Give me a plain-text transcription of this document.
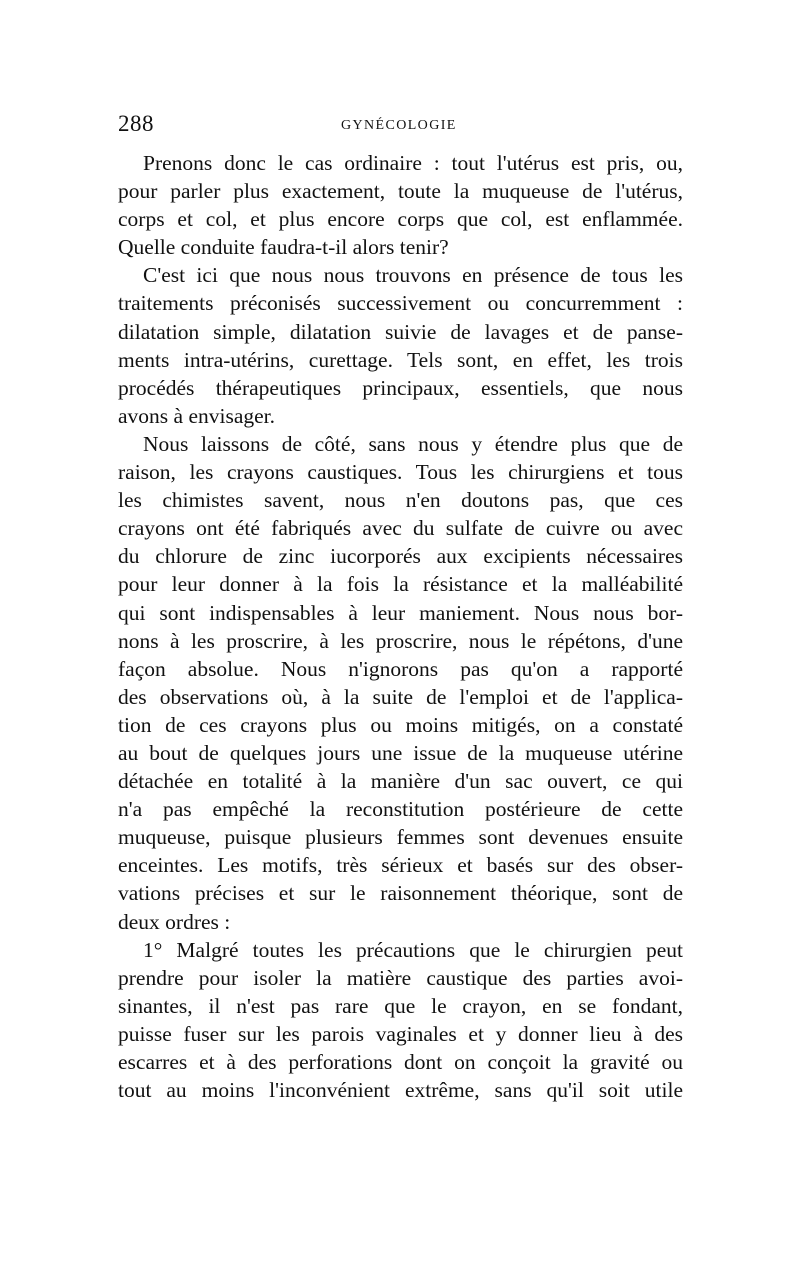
288	GYNÉCOLOGIE
Prenons donc le cas ordinaire : tout l'utérus est pris, ou,
pour parler plus exactement, toute la muqueuse de l'utérus,
corps et col, et plus encore corps que col, est enflammée.
Quelle conduite faudra-t-il alors tenir?
C'est ici que nous nous trouvons en présence de tous les
traitements préconisés successivement ou concurremment :
dilatation simple, dilatation suivie de lavages et de panse-
ments intra-utérins, curettage. Tels sont, en effet, les trois
procédés thérapeutiques principaux, essentiels, que nous
avons à envisager.
Nous laissons de côté, sans nous y étendre plus que de
raison, les crayons caustiques. Tous les chirurgiens et tous
les chimistes savent, nous n'en doutons pas, que ces
crayons ont été fabriqués avec du sulfate de cuivre ou avec
du chlorure de zinc iucorporés aux excipients nécessaires
pour leur donner à la fois la résistance et la malléabilité
qui sont indispensables à leur maniement. Nous nous bor-
nons à les proscrire, à les proscrire, nous le répétons, d'une
façon absolue. Nous n'ignorons pas qu'on a rapporté
des observations où, à la suite de l'emploi et de l'applica-
tion de ces crayons plus ou moins mitigés, on a constaté
au bout de quelques jours une issue de la muqueuse utérine
détachée en totalité à la manière d'un sac ouvert, ce qui
n'a pas empêché la reconstitution postérieure de cette
muqueuse, puisque plusieurs femmes sont devenues ensuite
enceintes. Les motifs, très sérieux et basés sur des obser-
vations précises et sur le raisonnement théorique, sont de
deux ordres :
1° Malgré toutes les précautions que le chirurgien peut
prendre pour isoler la matière caustique des parties avoi-
sinantes, il n'est pas rare que le crayon, en se fondant,
puisse fuser sur les parois vaginales et y donner lieu à des
escarres et à des perforations dont on conçoit la gravité ou
tout au moins l'inconvénient extrême, sans qu'il soit utile
